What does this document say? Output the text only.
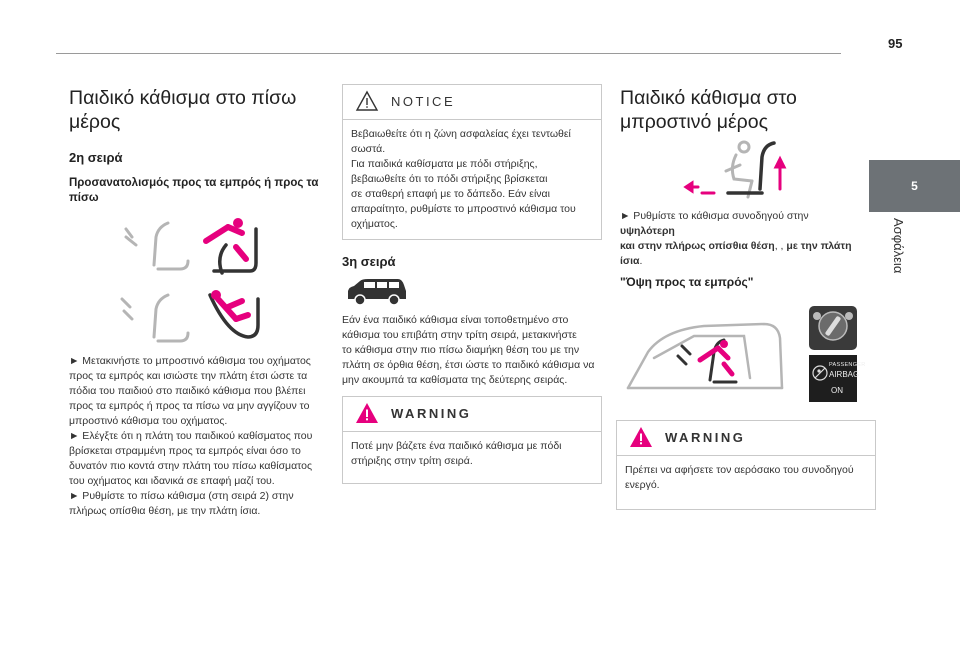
95
5
Ασφάλεια
Παιδικό κάθισμα στο πίσω
μέρος
2η σειρά
Προσανατολισμός προς τα εμπρός ή προς τα
πίσω
► Μετακινήστε το μπροστινό κάθισμα του οχήματος
προς τα εμπρός και ισιώστε την πλάτη έτσι ώστε τα
πόδια του παιδιού στο παιδικό κάθισμα που βλέπει
προς τα εμπρός ή προς τα πίσω να μην αγγίζουν το
μπροστινό κάθισμα του οχήματος.
► Ελέγξτε ότι η πλάτη του παιδικού καθίσματος που
βρίσκεται στραμμένη προς τα εμπρός είναι όσο το
δυνατόν πιο κοντά στην πλάτη του πίσω καθίσματος
του οχήματος και ιδανικά σε επαφή μαζί του.
► Ρυθμίστε το πίσω κάθισμα (στη σειρά 2) στην
πλήρως οπίσθια θέση, με την πλάτη ίσια.
NOTICE
Βεβαιωθείτε ότι η ζώνη ασφαλείας έχει τεντωθεί
σωστά.
Για παιδικά καθίσματα με πόδι στήριξης,
βεβαιωθείτε ότι το πόδι στήριξης βρίσκεται
σε σταθερή επαφή με το δάπεδο. Εάν είναι
απαραίτητο, ρυθμίστε το μπροστινό κάθισμα του
οχήματος.
3η σειρά
Εάν ένα παιδικό κάθισμα είναι τοποθετημένο στο
κάθισμα του επιβάτη στην τρίτη σειρά, μετακινήστε
το κάθισμα στην πιο πίσω διαμήκη θέση του με την
πλάτη σε όρθια θέση, έτσι ώστε το παιδικό κάθισμα να
μην ακουμπά τα καθίσματα της δεύτερης σειράς.
WARNING
Ποτέ μην βάζετε ένα παιδικό κάθισμα με πόδι
στήριξης στην τρίτη σειρά.
Παιδικό κάθισμα στο
μπροστινό μέρος
► Ρυθμίστε το κάθισμα συνοδηγού στην υψηλότερη
και στην πλήρως οπίσθια θέση, , με την πλάτη
ίσια.
"Όψη προς τα εμπρός"
PASSENGER
AIRBAG
ON
WARNING
Πρέπει να αφήσετε τον αερόσακο του συνοδηγού
ενεργό.
